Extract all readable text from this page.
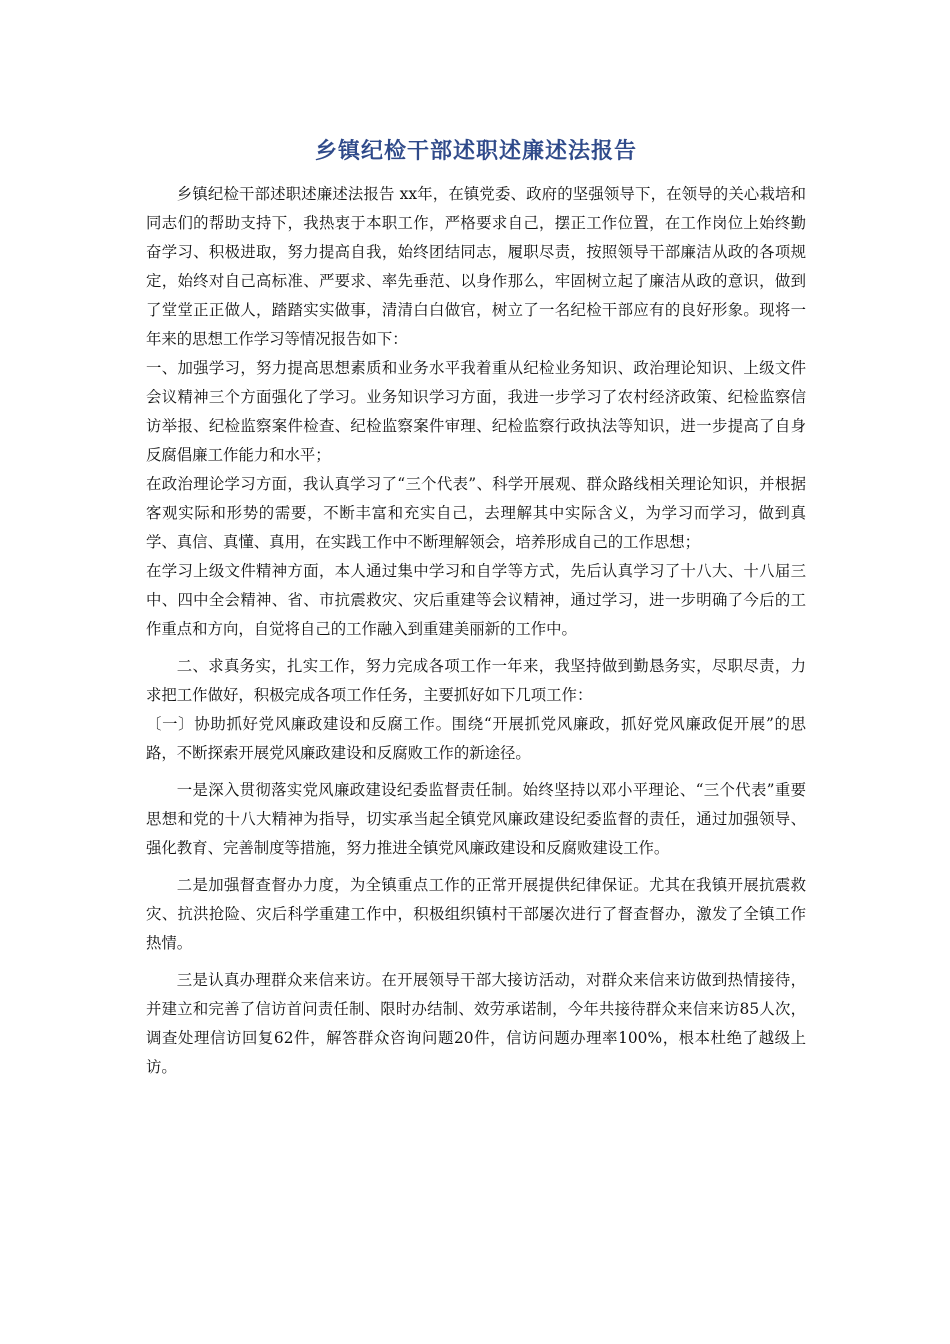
乡镇纪检干部述职述廉述法报告

乡镇纪检干部述职述廉述法报告 xx年，在镇党委、政府的坚强领导下，在领导的关心栽培和同志们的帮助支持下，我热衷于本职工作，严格要求自己，摆正工作位置，在工作岗位上始终勤奋学习、积极进取，努力提高自我，始终团结同志，履职尽责，按照领导干部廉洁从政的各项规定，始终对自己高标准、严要求、率先垂范、以身作那么，牢固树立起了廉洁从政的意识，做到了堂堂正正做人，踏踏实实做事，清清白白做官，树立了一名纪检干部应有的良好形象。现将一年来的思想工作学习等情况报告如下：

一、加强学习，努力提高思想素质和业务水平我着重从纪检业务知识、政治理论知识、上级文件会议精神三个方面强化了学习。业务知识学习方面，我进一步学习了农村经济政策、纪检监察信访举报、纪检监察案件检查、纪检监察案件审理、纪检监察行政执法等知识，进一步提高了自身反腐倡廉工作能力和水平；

在政治理论学习方面，我认真学习了“三个代表”、科学开展观、群众路线相关理论知识，并根据客观实际和形势的需要，不断丰富和充实自己，去理解其中实际含义，为学习而学习，做到真学、真信、真懂、真用，在实践工作中不断理解领会，培养形成自己的工作思想；

在学习上级文件精神方面，本人通过集中学习和自学等方式，先后认真学习了十八大、十八届三中、四中全会精神、省、市抗震救灾、灾后重建等会议精神，通过学习，进一步明确了今后的工作重点和方向，自觉将自己的工作融入到重建美丽新的工作中。

二、求真务实，扎实工作，努力完成各项工作一年来，我坚持做到勤恳务实，尽职尽责，力求把工作做好，积极完成各项工作任务，主要抓好如下几项工作：

〔一〕协助抓好党风廉政建设和反腐工作。围绕“开展抓党风廉政，抓好党风廉政促开展”的思路，不断探索开展党风廉政建设和反腐败工作的新途径。

一是深入贯彻落实党风廉政建设纪委监督责任制。始终坚持以邓小平理论、“三个代表”重要思想和党的十八大精神为指导，切实承当起全镇党风廉政建设纪委监督的责任，通过加强领导、强化教育、完善制度等措施，努力推进全镇党风廉政建设和反腐败建设工作。

二是加强督查督办力度，为全镇重点工作的正常开展提供纪律保证。尤其在我镇开展抗震救灾、抗洪抢险、灾后科学重建工作中，积极组织镇村干部屡次进行了督查督办，激发了全镇工作热情。

三是认真办理群众来信来访。在开展领导干部大接访活动，对群众来信来访做到热情接待，并建立和完善了信访首问责任制、限时办结制、效劳承诺制，今年共接待群众来信来访85人次，调查处理信访回复62件，解答群众咨询问题20件，信访问题办理率100%，根本杜绝了越级上访。
